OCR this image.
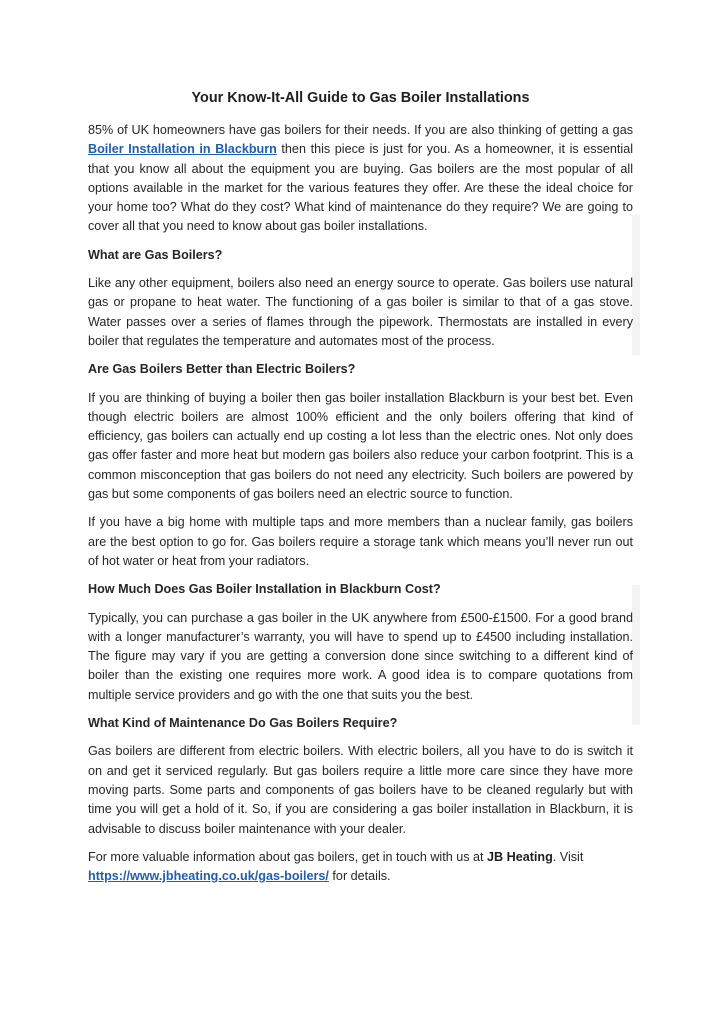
Your Know-It-All Guide to Gas Boiler Installations

85% of UK homeowners have gas boilers for their needs. If you are also thinking of getting a gas Boiler Installation in Blackburn then this piece is just for you. As a homeowner, it is essential that you know all about the equipment you are buying. Gas boilers are the most popular of all options available in the market for the various features they offer. Are these the ideal choice for your home too? What do they cost? What kind of maintenance do they require? We are going to cover all that you need to know about gas boiler installations.

What are Gas Boilers?

Like any other equipment, boilers also need an energy source to operate. Gas boilers use natural gas or propane to heat water. The functioning of a gas boiler is similar to that of a gas stove. Water passes over a series of flames through the pipework. Thermostats are installed in every boiler that regulates the temperature and automates most of the process.

Are Gas Boilers Better than Electric Boilers?

If you are thinking of buying a boiler then gas boiler installation Blackburn is your best bet. Even though electric boilers are almost 100% efficient and the only boilers offering that kind of efficiency, gas boilers can actually end up costing a lot less than the electric ones. Not only does gas offer faster and more heat but modern gas boilers also reduce your carbon footprint. This is a common misconception that gas boilers do not need any electricity. Such boilers are powered by gas but some components of gas boilers need an electric source to function.

If you have a big home with multiple taps and more members than a nuclear family, gas boilers are the best option to go for. Gas boilers require a storage tank which means you’ll never run out of hot water or heat from your radiators.

How Much Does Gas Boiler Installation in Blackburn Cost?

Typically, you can purchase a gas boiler in the UK anywhere from £500-£1500. For a good brand with a longer manufacturer’s warranty, you will have to spend up to £4500 including installation. The figure may vary if you are getting a conversion done since switching to a different kind of boiler than the existing one requires more work. A good idea is to compare quotations from multiple service providers and go with the one that suits you the best.

What Kind of Maintenance Do Gas Boilers Require?

Gas boilers are different from electric boilers. With electric boilers, all you have to do is switch it on and get it serviced regularly. But gas boilers require a little more care since they have more moving parts. Some parts and components of gas boilers have to be cleaned regularly but with time you will get a hold of it. So, if you are considering a gas boiler installation in Blackburn, it is advisable to discuss boiler maintenance with your dealer.

For more valuable information about gas boilers, get in touch with us at JB Heating. Visit https://www.jbheating.co.uk/gas-boilers/ for details.
